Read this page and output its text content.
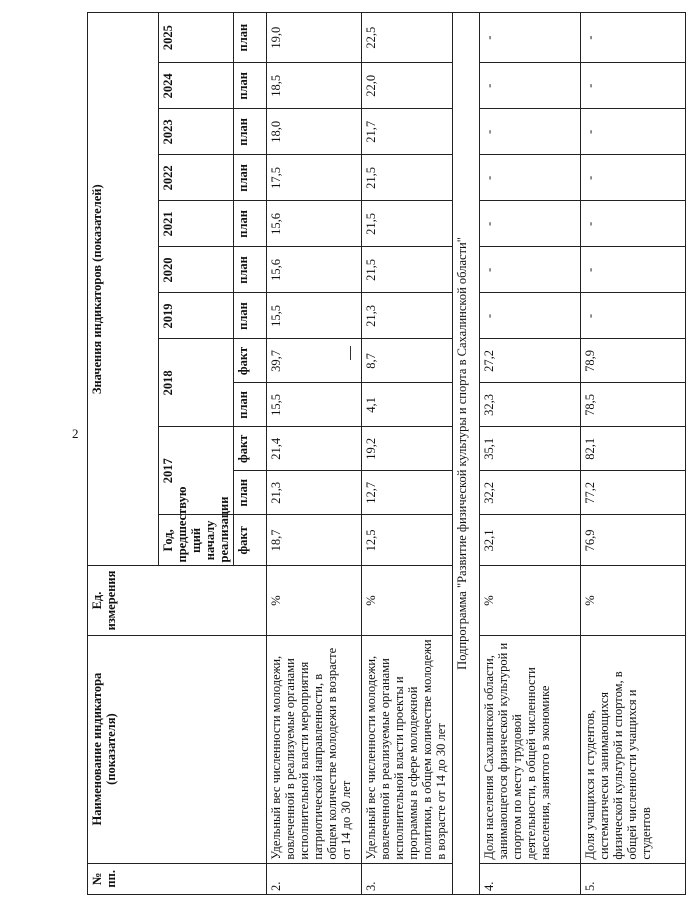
2
№ пп.	Наименование индикатора (показателя)	Ед. измерения	Значения индикаторов (показателей)											
			Год, предшествую щий началу реализации	2017		2018		2019	2020	2021	2022	2023	2024	2025
			факт	план	факт	план	факт	план	план	план	план	план	план	план
2.	Удельный вес численности молодежи, вовлеченной в реализуемые органами исполнительной власти мероприятия патриотической направленности, в общем количестве молодежи в возрасте от 14 до 30 лет	%	18,7	21,3	21,4	15,5	39,7	15,5	15,6	15,6	17,5	18,0	18,5	19,0
3.	Удельный вес численности молодежи, вовлеченной в реализуемые органами исполнительной власти проекты и программы в сфере молодежной политики, в общем количестве молодежи в возрасте от 14 до 30 лет	%	12,5	12,7	19,2	4,1	8,7	21,3	21,5	21,5	21,5	21,7	22,0	22,5
Подпрограмма "Развитие физической культуры и спорта в Сахалинской области"														
4.	Доля населения Сахалинской области, занимающегося физической культурой и спортом по месту трудовой деятельности, в общей численности населения, занятого в экономике	%	32,1	32,2	35,1	32,3	27,2	-	-	-	-	-	-	-
5.	Доля учащихся и студентов, систематически занимающихся физической культурой и спортом, в общей численности учащихся и студентов	%	76,9	77,2	82,1	78,5	78,9	-	-	-	-	-	-	-
